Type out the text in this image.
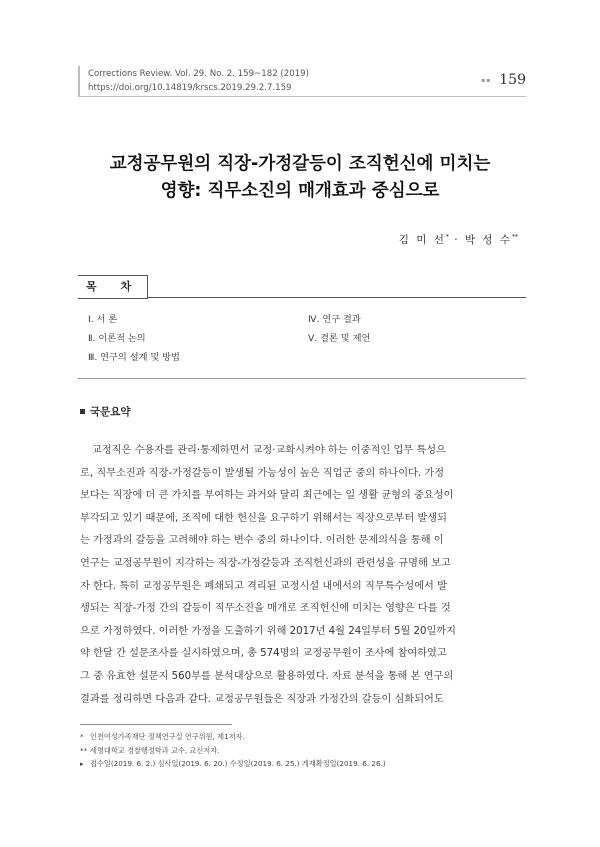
Corrections Review. Vol. 29. No. 2. 159~182 (2019)
https://doi.org/10.14819/krscs.2019.29.2.7.159
▪▪ 159
교정공무원의 직장-가정갈등이 조직헌신에 미치는
영향: 직무소진의 매개효과 중심으로
김 미 선* · 박 성 수**
목 차
Ⅰ. 서 론
Ⅱ. 이론적 논의
Ⅲ. 연구의 설계 및 방법
Ⅳ. 연구 결과
Ⅴ. 결론 및 제언
국문요약
교정직은 수용자를 관리·통제하면서 교정·교화시켜야 하는 이중적인 업무 특성으
로, 직무소진과 직장-가정갈등이 발생될 가능성이 높은 직업군 중의 하나이다. 가정
보다는 직장에 더 큰 가치를 부여하는 과거와 달리 최근에는 일 생활 균형의 중요성이
부각되고 있기 때문에, 조직에 대한 헌신을 요구하기 위해서는 직장으로부터 발생되
는 가정과의 갈등을 고려해야 하는 변수 중의 하나이다. 이러한 문제의식을 통해 이
연구는 교정공무원이 지각하는 직장-가정갈등과 조직헌신과의 관련성을 규명해 보고
자 한다. 특히 교정공무원은 폐쇄되고 격리된 교정시설 내에서의 직무특수성에서 발
생되는 직장-가정 간의 갈등이 직무소진을 매개로 조직헌신에 미치는 영향은 다를 것
으로 가정하였다. 이러한 가정을 도출하기 위해 2017년 4월 24일부터 5월 20일까지
약 한달 간 설문조사를 실시하였으며, 총 574명의 교정공무원이 조사에 참여하였고
그 중 유효한 설문지 560부를 분석대상으로 활용하였다. 자료 분석을 통해 본 연구의
결과를 정리하면 다음과 같다. 교정공무원들은 직장과 가정간의 갈등이 심화되어도
* 인천여성가족재단 정책연구실 연구위원, 제1저자.
** 세명대학교 경찰행정학과 교수, 교신저자.
▸ 접수일(2019. 6. 2.) 심사일(2019. 6. 20.) 수정일(2019. 6. 25.) 게재확정일(2019. 6. 26.)
